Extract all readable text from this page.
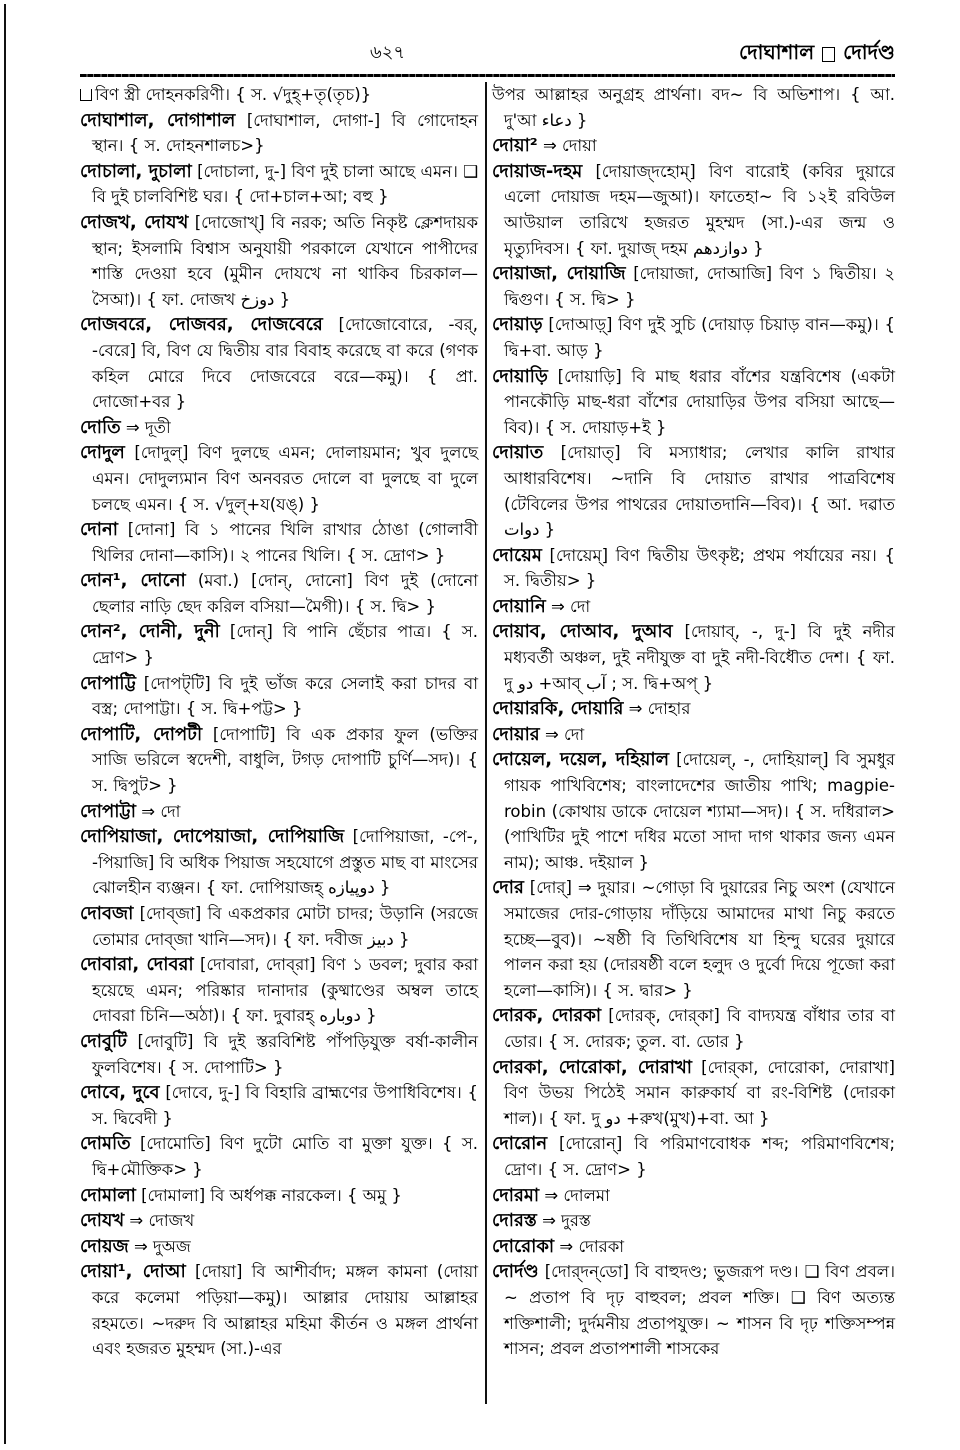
৬২৭	দোঘাশাল দোর্দণ্ড

বিণ স্ত্রী দোহনকরিণী। { স. √দুহ্+তৃ(তৃচ)}

দোঘাশাল, দোগাশাল [দোঘাশাল, দোগা-] বি গোদোহন স্থান। { স. দোহনশালচ>}

দোচালা, দুচালা [দোচালা, দু-] বিণ দুই চালা আছে এমন। ❑ বি দুই চালবিশিষ্ট ঘর। { দো+চাল+আ; বহু }

দোজখ, দোযখ [দোজোখ্] বি নরক; অতি নিকৃষ্ট ক্লেশদায়ক স্থান; ইসলামি বিশ্বাস অনুযায়ী পরকালে যেখানে পাপীদের শাস্তি দেওয়া হবে (মুমীন দোযখে না থাকিব চিরকাল—সৈআ)। { ফা. দোজখ دوزخ }

দোজবরে, দোজবর, দোজবেরে [দোজোবোরে, -বর্, -বেরে] বি, বিণ যে দ্বিতীয় বার বিবাহ করেছে বা করে (গণক কহিল মোরে দিবে দোজবেরে বরে—কমু)। { প্রা. দোজো+বর }

দোতি ⇒ দূতী

দোদুল [দোদুল্] বিণ দুলছে এমন; দোলায়মান; খুব দুলছে এমন। দোদুল্যমান বিণ অনবরত দোলে বা দুলছে বা দুলে চলছে এমন। { স. √দুল্+য(যঙ্) }

দোনা [দোনা] বি ১ পানের খিলি রাখার ঠোঙা (গোলাবী খিলির দোনা—কাসি)। ২ পানের খিলি। { স. দ্রোণ> }

দোন¹, দোনো (মবা.) [দোন্, দোনো] বিণ দুই (দোনো ছেলার নাড়ি ছেদ করিল বসিয়া—মৈগী)। { স. দ্বি> }

দোন², দোনী, দুনী [দোন্] বি পানি ছেঁচার পাত্র। { স. দ্রোণ> }

দোপাট্টি [দোপট্‌টি] বি দুই ভাঁজ করে সেলাই করা চাদর বা বস্ত্র; দোপাট্টা। { স. দ্বি+পট্ট> }

দোপাটি, দোপটী [দোপাটি] বি এক প্রকার ফুল (ভক্তির সাজি ভরিলে স্বদেশী, বাধুলি, টগড় দোপাটি চুর্ণি—সদ)। { স. দ্বিপুট> }

দোপাট্টা ⇒ দো

দোপিয়াজা, দোপেয়াজা, দোপিয়াজি [দোপিয়াজা, -পে-, -পিয়াজি] বি অধিক পিয়াজ সহযোগে প্রস্তুত মাছ বা মাংসের ঝোলহীন ব্যঞ্জন। { ফা. দোপিয়াজহ্ دوپیازه }

দোবজা [দোব্‌জা] বি একপ্রকার মোটা চাদর; উড়ানি (সরজে তোমার দোব্‌জা খানি—সদ)। { ফা. দবীজ دبیز }

দোবারা, দোবরা [দোবারা, দোব্‌রা] বিণ ১ ডবল; দুবার করা হয়েছে এমন; পরিষ্কার দানাদার (কুষ্মাণ্ডের অম্বল তাহে দোবরা চিনি—অঠা)। { ফা. দুবারহ্ دوباره }

দোবুটি [দোবুটি] বি দুই স্তরবিশিষ্ট পাঁপড়িযুক্ত বর্ষা-কালীন ফুলবিশেষ। { স. দোপাটি> }

দোবে, দুবে [দোবে, দু-] বি বিহারি ব্রাহ্মণের উপাধিবিশেষ। { স. দ্বিবেদী }

দোমতি [দোমোতি] বিণ দুটো মোতি বা মুক্তা যুক্ত। { স. দ্বি+মৌক্তিক> }

দোমালা [দোমালা] বি অর্ধপক্ক নারকেল। { অমু }

দোযখ ⇒ দোজখ

দোয়জ ⇒ দুঅজ

দোয়া¹, দোআ [দোয়া] বি আশীর্বাদ; মঙ্গল কামনা (দোয়া করে কলেমা পড়িয়া—কমু)। আল্লার দোয়ায় আল্লাহর রহমতে। ~দরুদ বি আল্লাহর মহিমা কীর্তন ও মঙ্গল প্রার্থনা এবং হজরত মুহম্মদ (সা.)-এর

উপর আল্লাহর অনুগ্রহ প্রার্থনা। বদ~ বি অভিশাপ। { আ. দু'আ دعاء }

দোয়া² ⇒ দোয়া

দোয়াজ-দহম [দোয়াজ্‌দহোম্] বিণ বারোই (কবির দুয়ারে এলো দোয়াজ দহম—জুআ)। ফাতেহা~ বি ১২ই রবিউল আউয়াল তারিখে হজরত মুহম্মদ (সা.)-এর জন্ম ও মৃত্যুদিবস। { ফা. দুয়াজ্ দহম دوازدهم }

দোয়াজা, দোয়াজি [দোয়াজা, দোআজি] বিণ ১ দ্বিতীয়। ২ দ্বিগুণ। { স. দ্বি> }

দোয়াড় [দোআড়্] বিণ দুই সুচি (দোয়াড় চিয়াড় বান—কমু)। { দ্বি+বা. আড় }

দোয়াড়ি [দোয়াড়ি] বি মাছ ধরার বাঁশের যন্ত্রবিশেষ (একটা পানকৌড়ি মাছ-ধরা বাঁশের দোয়াড়ির উপর বসিয়া আছে—বিব)। { স. দোয়াড়+ই }

দোয়াত [দোয়াত্] বি মস্যাধার; লেখার কালি রাখার আধারবিশেষ। ~দানি বি দোয়াত রাখার পাত্রবিশেষ (টেবিলের উপর পাথরের দোয়াতদানি—বিব)। { আ. দৱাত دوات }

দোয়েম [দোয়েম্] বিণ দ্বিতীয় উৎকৃষ্ট; প্রথম পর্যায়ের নয়। { স. দ্বিতীয়> }

দোয়ানি ⇒ দো

দোয়াব, দোআব, দুআব [দোয়াব্, -, দু-] বি দুই নদীর মধ্যবর্তী অঞ্চল, দুই নদীযুক্ত বা দুই নদী-বিধৌত দেশ। { ফা. দু دو +আব্ آب ; স. দ্বি+অপ্ }

দোয়ারকি, দোয়ারি ⇒ দোহার

দোয়ার ⇒ দো

দোয়েল, দয়েল, দহিয়াল [দোয়েল্, -, দোহিয়াল্] বি সুমধুর গায়ক পাখিবিশেষ; বাংলাদেশের জাতীয় পাখি; magpie-robin (কোথায় ডাকে দোয়েল শ্যামা—সদ)। { স. দধিরাল>(পাখিটির দুই পাশে দধির মতো সাদা দাগ থাকার জন্য এমন নাম); আঞ্চ. দইয়াল }

দোর [দোর্] ⇒ দুয়ার। ~গোড়া বি দুয়ারের নিচু অংশ (যেখানে সমাজের দোর-গোড়ায় দাঁড়িয়ে আমাদের মাথা নিচু করতে হচ্ছে—বুব)। ~ষষ্ঠী বি তিথিবিশেষ যা হিন্দু ঘরের দুয়ারে পালন করা হয় (দোরষষ্ঠী বলে হলুদ ও দুর্বো দিয়ে পূজো করা হলো—কাসি)। { স. দ্বার> }

দোরক, দোরকা [দোরক্, দোর্‌কা] বি বাদ্যযন্ত্র বাঁধার তার বা ডোর। { স. দোরক; তুল. বা. ডোর }

দোরকা, দোরোকা, দোরাখা [দোর্‌কা, দোরোকা, দোরাখা] বিণ উভয় পিঠেই সমান কারুকার্য বা রং-বিশিষ্ট (দোরকা শাল)। { ফা. দু دو +রুখ(মুখ)+বা. আ }

দোরোন [দোরোন্] বি পরিমাণবোধক শব্দ; পরিমাণবিশেষ; দ্রোণ। { স. দ্রোণ> }

দোরমা ⇒ দোলমা

দোরস্ত ⇒ দুরস্ত

দোরোকা ⇒ দোরকা

দোর্দণ্ড [দোর্‌দন্‌ডো] বি বাহুদণ্ড; ভুজরূপ দণ্ড। ❑ বিণ প্রবল। ~ প্রতাপ বি দৃঢ় বাহুবল; প্রবল শক্তি। ❑ বিণ অত্যন্ত শক্তিশালী; দুর্দমনীয় প্রতাপযুক্ত। ~ শাসন বি দৃঢ় শক্তিসম্পন্ন শাসন; প্রবল প্রতাপশালী শাসকের
